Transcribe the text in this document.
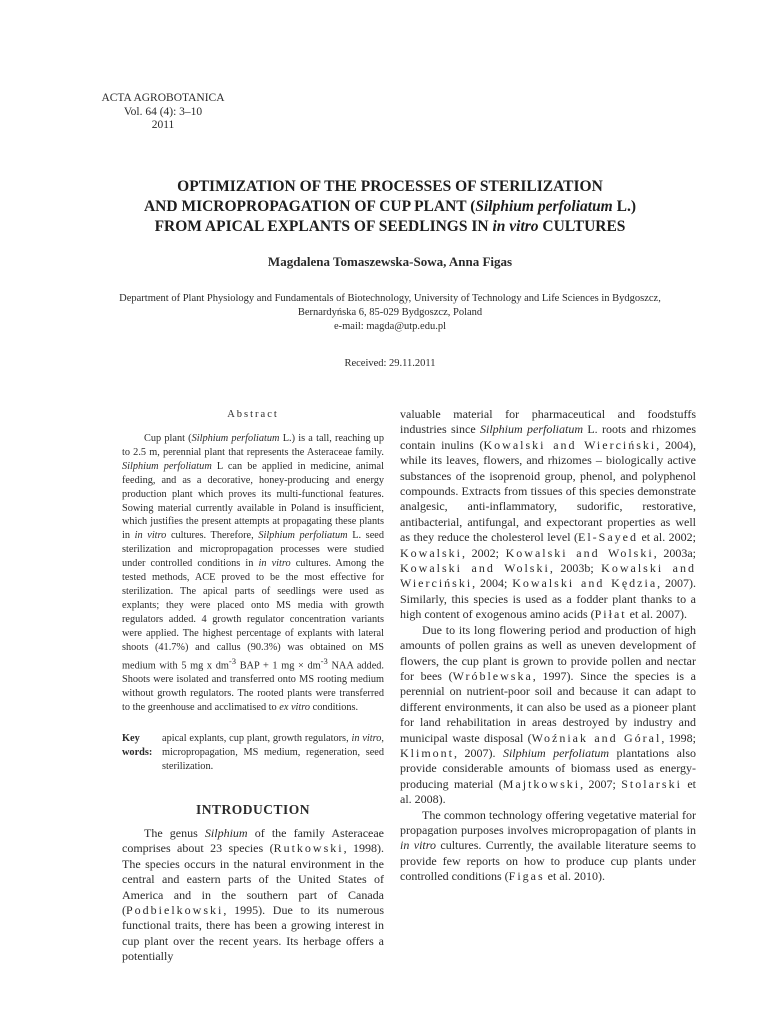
ACTA AGROBOTANICA
Vol. 64 (4): 3–10
2011
OPTIMIZATION OF THE PROCESSES OF STERILIZATION
AND MICROPROPAGATION OF CUP PLANT (Silphium perfoliatum L.)
FROM APICAL EXPLANTS OF SEEDLINGS IN in vitro CULTURES
Magdalena Tomaszewska-Sowa, Anna Figas
Department of Plant Physiology and Fundamentals of Biotechnology, University of Technology and Life Sciences in Bydgoszcz,
Bernardyńska 6, 85-029 Bydgoszcz, Poland
e-mail: magda@utp.edu.pl
Received: 29.11.2011
Abstract

Cup plant (Silphium perfoliatum L.) is a tall, reaching up to 2.5 m, perennial plant that represents the Asteraceae family. Silphium perfoliatum L can be applied in medicine, animal feeding, and as a decorative, honey-producing and energy production plant which proves its multi-functional features. Sowing material currently available in Poland is insufficient, which justifies the present attempts at propagating these plants in in vitro cultures. Therefore, Silphium perfoliatum L. seed sterilization and micropropagation processes were studied under controlled conditions in in vitro cultures. Among the tested methods, ACE proved to be the most effective for sterilization. The apical parts of seedlings were used as explants; they were placed onto MS media with growth regulators added. 4 growth regulator concentration variants were applied. The highest percentage of explants with lateral shoots (41.7%) and callus (90.3%) was obtained on MS medium with 5 mg x $dm^{-3}$ BAP + 1 mg × $dm^{-3}$ NAA added. Shoots were isolated and transferred onto MS rooting medium without growth regulators. The rooted plants were transferred to the greenhouse and acclimatised to ex vitro conditions.

Key words:
apical explants, cup plant, growth regulators, in vitro, micropropagation, MS medium, regeneration, seed sterilization.
INTRODUCTION

The genus Silphium of the family Asteraceae comprises about 23 species (Rutkowski, 1998). The species occurs in the natural environment in the central and eastern parts of the United States of America and in the southern part of Canada (Podbielkowski, 1995). Due to its numerous functional traits, there has been a growing interest in cup plant over the recent years. Its herbage offers a potentially

valuable material for pharmaceutical and foodstuffs industries since Silphium perfoliatum L. roots and rhizomes contain inulins (Kowalski and Wierciński, 2004), while its leaves, flowers, and rhizomes – biologically active substances of the isoprenoid group, phenol, and polyphenol compounds. Extracts from tissues of this species demonstrate analgesic, anti-inflammatory, sudorific, restorative, antibacterial, antifungal, and expectorant properties as well as they reduce the cholesterol level (El-Sayed et al. 2002; Kowalski, 2002; Kowalski and Wolski, 2003a; Kowalski and Wolski, 2003b; Kowalski and Wierciński, 2004; Kowalski and Kędzia, 2007). Similarly, this species is used as a fodder plant thanks to a high content of exogenous amino acids (Piłat et al. 2007).

Due to its long flowering period and production of high amounts of pollen grains as well as uneven development of flowers, the cup plant is grown to provide pollen and nectar for bees (Wróblewska, 1997). Since the species is a perennial on nutrient-poor soil and because it can adapt to different environments, it can also be used as a pioneer plant for land rehabilitation in areas destroyed by industry and municipal waste disposal (Woźniak and Góral, 1998; Klimont, 2007). Silphium perfoliatum plantations also provide considerable amounts of biomass used as energy-producing material (Majtkowski, 2007; Stolarski et al. 2008).

The common technology offering vegetative material for propagation purposes involves micropropagation of plants in in vitro cultures. Currently, the available literature seems to provide few reports on how to produce cup plants under controlled conditions (Figas et al. 2010).
